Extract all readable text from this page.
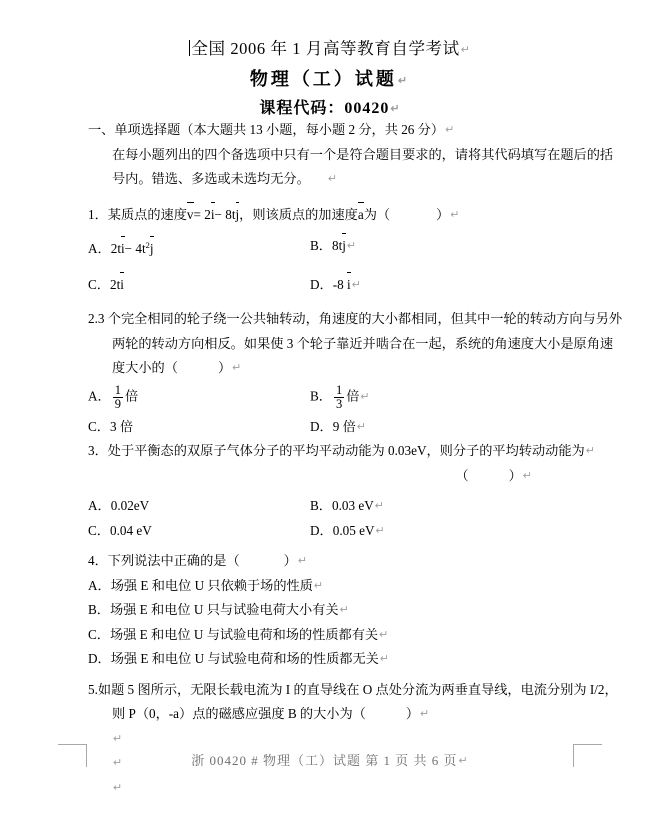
全国 2006 年 1 月高等教育自学考试↵
物理（工）试题↵
课程代码：00420↵
一、单项选择题（本大题共 13 小题，每小题 2 分，共 26 分）↵
在每小题列出的四个备选项中只有一个是符合题目要求的，请将其代码填写在题后的括
号内。错选、多选或未选均无分。 ↵
1．某质点的速度v= 2i− 8tj，则该质点的加速度a为（	）↵
A．$2ti- 4t^2j$	B．8tj↵
C．2ti	D．-8 i↵
2.3 个完全相同的轮子绕一公共轴转动，角速度的大小都相同，但其中一轮的转动方向与另外
两轮的转动方向相反。如果使 3 个轮子靠近并啮合在一起，系统的角速度大小是原角速
度大小的（	）↵
A． $\frac{1}{9}$ 倍	B． $\frac{1}{3}$ 倍↵
C．3 倍	D．9 倍↵
3．处于平衡态的双原子气体分子的平均平动动能为 0.03eV，则分子的平均转动动能为↵
（	）↵
A．0.02eV	B．0.03 eV↵
C．0.04 eV	D．0.05 eV↵
4．下列说法中正确的是（	）↵
A．场强 E 和电位 U 只依赖于场的性质↵
B．场强 E 和电位 U 只与试验电荷大小有关↵
C．场强 E 和电位 U 与试验电荷和场的性质都有关↵
D．场强 E 和电位 U 与试验电荷和场的性质都无关↵
5.如题 5 图所示，无限长载电流为 I 的直导线在 O 点处分流为两垂直导线，电流分别为 I/2，
则 P（0，-a）点的磁感应强度 B 的大小为（	）↵
↵
↵
↵
浙 00420 # 物理（工）试题 第 1 页 共 6 页↵
